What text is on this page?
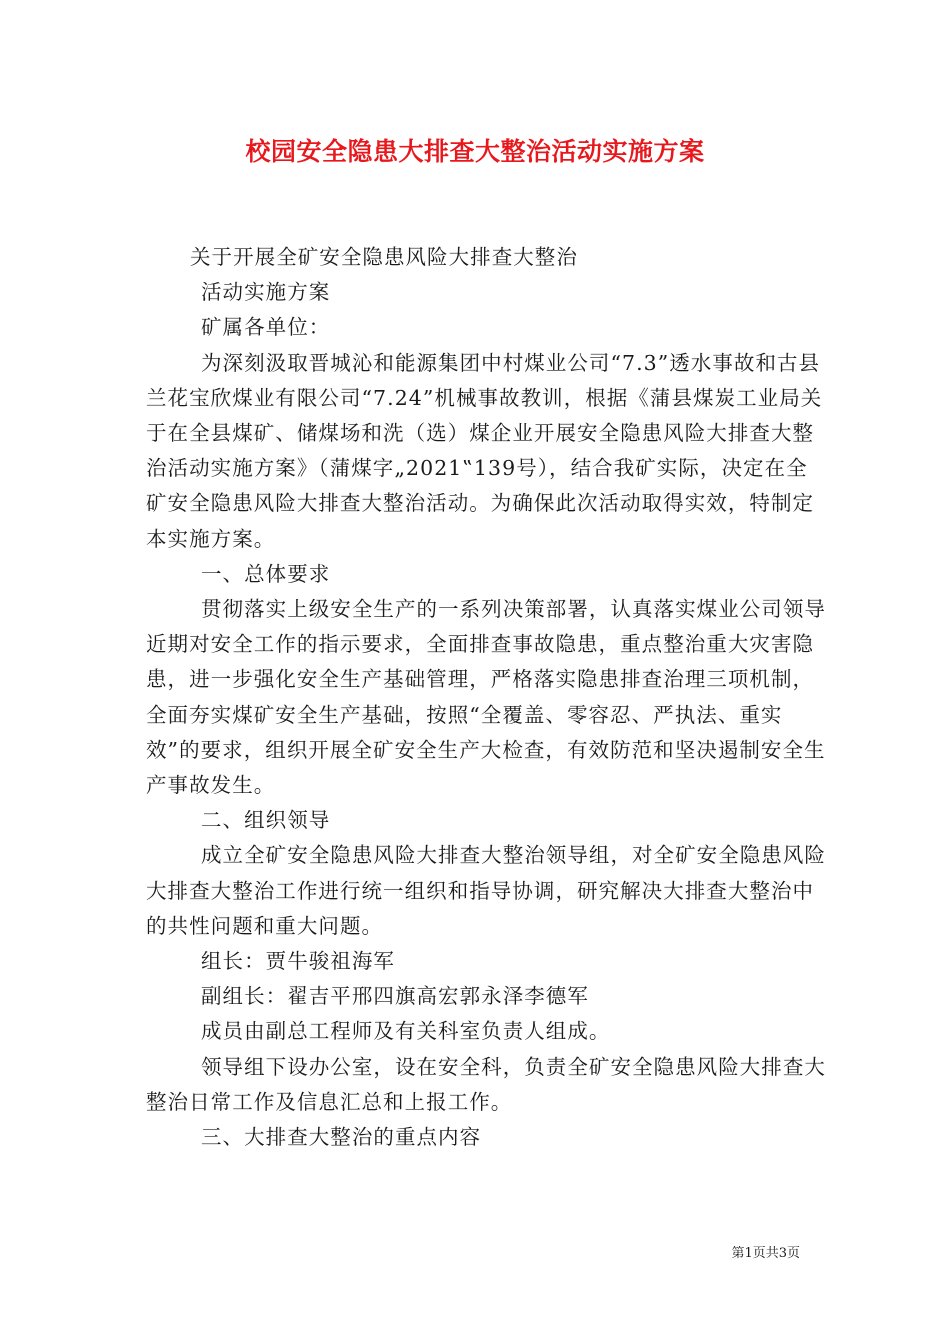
校园安全隐患大排查大整治活动实施方案

关于开展全矿安全隐患风险大排查大整治

活动实施方案

矿属各单位：

为深刻汲取晋城沁和能源集团中村煤业公司“7.3”透水事故和古县兰花宝欣煤业有限公司“7.24”机械事故教训，根据《蒲县煤炭工业局关于在全县煤矿、储煤场和洗（选）煤企业开展安全隐患风险大排查大整治活动实施方案》（蒲煤字„2021‟139号），结合我矿实际，决定在全矿安全隐患风险大排查大整治活动。为确保此次活动取得实效，特制定本实施方案。

一、总体要求

贯彻落实上级安全生产的一系列决策部署，认真落实煤业公司领导近期对安全工作的指示要求，全面排查事故隐患，重点整治重大灾害隐患，进一步强化安全生产基础管理，严格落实隐患排查治理三项机制，全面夯实煤矿安全生产基础，按照“全覆盖、零容忍、严执法、重实效”的要求，组织开展全矿安全生产大检查，有效防范和坚决遏制安全生产事故发生。

二、组织领导

成立全矿安全隐患风险大排查大整治领导组，对全矿安全隐患风险大排查大整治工作进行统一组织和指导协调，研究解决大排查大整治中的共性问题和重大问题。

组长：贾牛骏祖海军

副组长：翟吉平邢四旗高宏郭永泽李德军

成员由副总工程师及有关科室负责人组成。

领导组下设办公室，设在安全科，负责全矿安全隐患风险大排查大整治日常工作及信息汇总和上报工作。

三、大排查大整治的重点内容

第1页共3页
